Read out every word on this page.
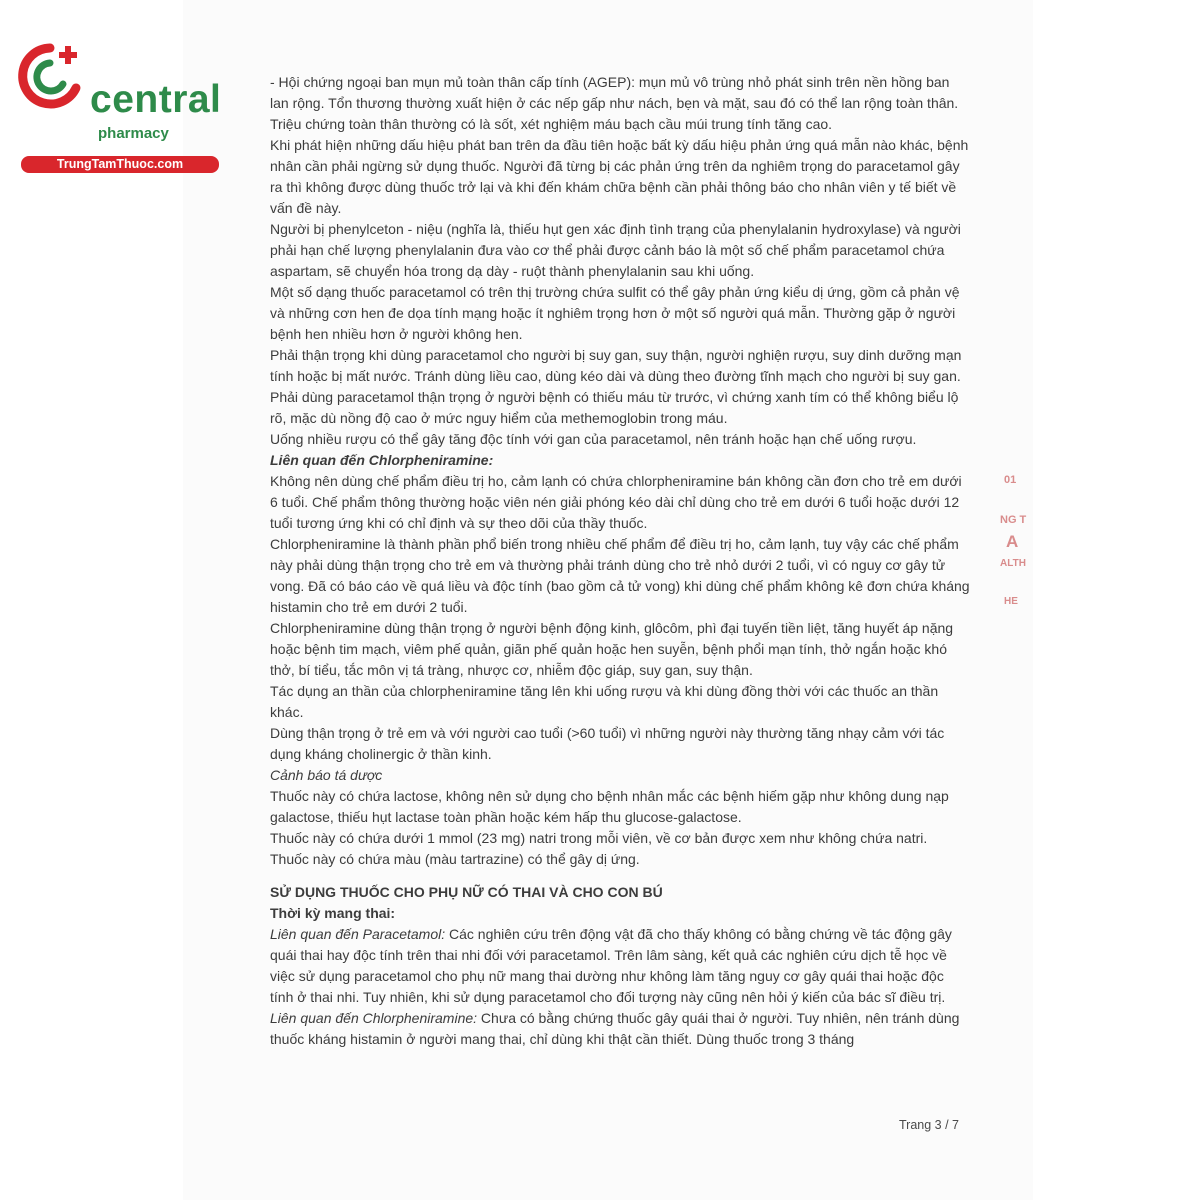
central
pharmacy
TrungTamThuoc.com

- Hội chứng ngoại ban mụn mủ toàn thân cấp tính (AGEP): mụn mủ vô trùng nhỏ phát sinh trên nền hồng ban lan rộng. Tổn thương thường xuất hiện ở các nếp gấp như nách, bẹn và mặt, sau đó có thể lan rộng toàn thân. Triệu chứng toàn thân thường có là sốt, xét nghiệm máu bạch cầu múi trung tính tăng cao.

Khi phát hiện những dấu hiệu phát ban trên da đầu tiên hoặc bất kỳ dấu hiệu phản ứng quá mẫn nào khác, bệnh nhân cần phải ngừng sử dụng thuốc. Người đã từng bị các phản ứng trên da nghiêm trọng do paracetamol gây ra thì không được dùng thuốc trở lại và khi đến khám chữa bệnh cần phải thông báo cho nhân viên y tế biết về vấn đề này.

Người bị phenylceton - niệu (nghĩa là, thiếu hụt gen xác định tình trạng của phenylalanin hydroxylase) và người phải hạn chế lượng phenylalanin đưa vào cơ thể phải được cảnh báo là một số chế phẩm paracetamol chứa aspartam, sẽ chuyển hóa trong dạ dày - ruột thành phenylalanin sau khi uống.

Một số dạng thuốc paracetamol có trên thị trường chứa sulfit có thể gây phản ứng kiểu dị ứng, gồm cả phản vệ và những cơn hen đe dọa tính mạng hoặc ít nghiêm trọng hơn ở một số người quá mẫn. Thường gặp ở người bệnh hen nhiều hơn ở người không hen.

Phải thận trọng khi dùng paracetamol cho người bị suy gan, suy thận, người nghiện rượu, suy dinh dưỡng mạn tính hoặc bị mất nước. Tránh dùng liều cao, dùng kéo dài và dùng theo đường tĩnh mạch cho người bị suy gan.

Phải dùng paracetamol thận trọng ở người bệnh có thiếu máu từ trước, vì chứng xanh tím có thể không biểu lộ rõ, mặc dù nồng độ cao ở mức nguy hiểm của methemoglobin trong máu.

Uống nhiều rượu có thể gây tăng độc tính với gan của paracetamol, nên tránh hoặc hạn chế uống rượu.

Liên quan đến Chlorpheniramine:

Không nên dùng chế phẩm điều trị ho, cảm lạnh có chứa chlorpheniramine bán không cần đơn cho trẻ em dưới 6 tuổi. Chế phẩm thông thường hoặc viên nén giải phóng kéo dài chỉ dùng cho trẻ em dưới 6 tuổi hoặc dưới 12 tuổi tương ứng khi có chỉ định và sự theo dõi của thầy thuốc.

Chlorpheniramine là thành phần phổ biến trong nhiều chế phẩm để điều trị ho, cảm lạnh, tuy vậy các chế phẩm này phải dùng thận trọng cho trẻ em và thường phải tránh dùng cho trẻ nhỏ dưới 2 tuổi, vì có nguy cơ gây tử vong. Đã có báo cáo về quá liều và độc tính (bao gồm cả tử vong) khi dùng chế phẩm không kê đơn chứa kháng histamin cho trẻ em dưới 2 tuổi.

Chlorpheniramine dùng thận trọng ở người bệnh động kinh, glôcôm, phì đại tuyến tiền liệt, tăng huyết áp nặng hoặc bệnh tim mạch, viêm phế quản, giãn phế quản hoặc hen suyễn, bệnh phổi mạn tính, thở ngắn hoặc khó thở, bí tiểu, tắc môn vị tá tràng, nhược cơ, nhiễm độc giáp, suy gan, suy thận.

Tác dụng an thần của chlorpheniramine tăng lên khi uống rượu và khi dùng đồng thời với các thuốc an thần khác.

Dùng thận trọng ở trẻ em và với người cao tuổi (>60 tuổi) vì những người này thường tăng nhạy cảm với tác dụng kháng cholinergic ở thần kinh.

Cảnh báo tá dược

Thuốc này có chứa lactose, không nên sử dụng cho bệnh nhân mắc các bệnh hiếm gặp như không dung nạp galactose, thiếu hụt lactase toàn phần hoặc kém hấp thu glucose-galactose.

Thuốc này có chứa dưới 1 mmol (23 mg) natri trong mỗi viên, về cơ bản được xem như không chứa natri.

Thuốc này có chứa màu (màu tartrazine) có thể gây dị ứng.

SỬ DỤNG THUỐC CHO PHỤ NỮ CÓ THAI VÀ CHO CON BÚ

Thời kỳ mang thai:

Liên quan đến Paracetamol: Các nghiên cứu trên động vật đã cho thấy không có bằng chứng về tác động gây quái thai hay độc tính trên thai nhi đối với paracetamol. Trên lâm sàng, kết quả các nghiên cứu dịch tễ học về việc sử dụng paracetamol cho phụ nữ mang thai dường như không làm tăng nguy cơ gây quái thai hoặc độc tính ở thai nhi. Tuy nhiên, khi sử dụng paracetamol cho đối tượng này cũng nên hỏi ý kiến của bác sĩ điều trị.

Liên quan đến Chlorpheniramine: Chưa có bằng chứng thuốc gây quái thai ở người. Tuy nhiên, nên tránh dùng thuốc kháng histamin ở người mang thai, chỉ dùng khi thật cần thiết. Dùng thuốc trong 3 tháng

01
NG T
A
ALTH
HE
Trang 3 / 7
